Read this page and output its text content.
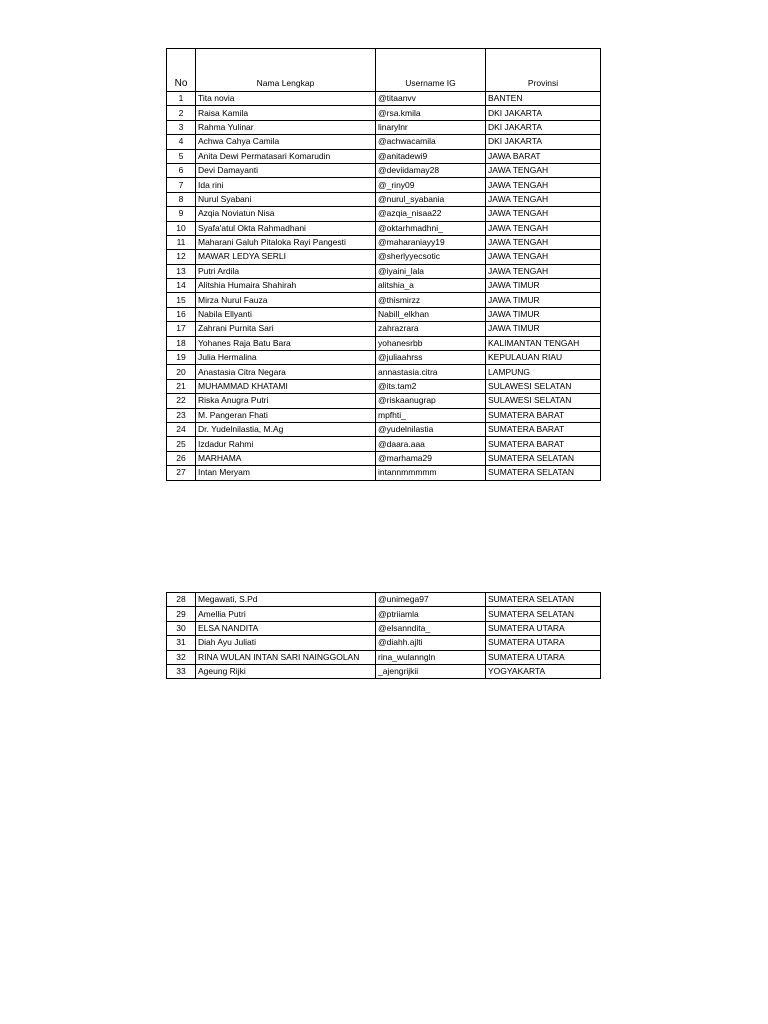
No	Nama Lengkap	Username IG	Provinsi
1	Tita novia	@titaanvv	BANTEN
2	Raisa Kamila	@rsa.kmila	DKI JAKARTA
3	Rahma Yulinar	linarylnr	DKI JAKARTA
4	Achwa Cahya Camila	@achwacamila	DKI JAKARTA
5	Anita Dewi Permatasari Komarudin	@anitadewi9	JAWA BARAT
6	Devi Damayanti	@deviidamay28	JAWA TENGAH
7	Ida rini	@_riny09	JAWA TENGAH
8	Nurul Syabani	@nurul_syabania	JAWA TENGAH
9	Azqia Noviatun Nisa	@azqia_nisaa22	JAWA TENGAH
10	Syafa'atul Okta Rahmadhani	@oktarhmadhni_	JAWA TENGAH
11	Maharani Galuh Pitaloka Rayi Pangesti	@maharaniayy19	JAWA TENGAH
12	MAWAR LEDYA SERLI	@sherlyyecsotic	JAWA TENGAH
13	Putri Ardila	@iyaini_lala	JAWA TENGAH
14	Alitshia Humaira Shahirah	alitshia_a	JAWA TIMUR
15	Mirza Nurul Fauza	@thismirzz	JAWA TIMUR
16	Nabila Ellyanti	Nabill_elkhan	JAWA TIMUR
17	Zahrani Purnita Sari	zahrazrara	JAWA TIMUR
18	Yohanes Raja Batu Bara	yohanesrbb	KALIMANTAN TENGAH
19	Julia Hermalina	@juliaahrss	KEPULAUAN RIAU
20	Anastasia Citra Negara	annastasia.citra	LAMPUNG
21	MUHAMMAD KHATAMI	@its.tam2	SULAWESI SELATAN
22	Riska Anugra Putri	@riskaanugrap	SULAWESI SELATAN
23	M. Pangeran Fhati	mpfhti_	SUMATERA BARAT
24	Dr. Yudelnilastia, M.Ag	@yudelnilastia	SUMATERA BARAT
25	Izdadur Rahmi	@daara.aaa	SUMATERA BARAT
26	MARHAMA	@marhama29	SUMATERA SELATAN
27	Intan Meryam	intannmmmmm	SUMATERA SELATAN
28	Megawati, S.Pd	@unimega97	SUMATERA SELATAN
29	Amellia Putri	@ptriiamla	SUMATERA SELATAN
30	ELSA NANDITA	@elsanndita_	SUMATERA UTARA
31	Diah Ayu Juliati	@diahh.ajlti	SUMATERA UTARA
32	RINA WULAN INTAN SARI NAINGGOLAN	rina_wulanngln	SUMATERA UTARA
33	Ageung Rijki	_ajengrijkii	YOGYAKARTA
